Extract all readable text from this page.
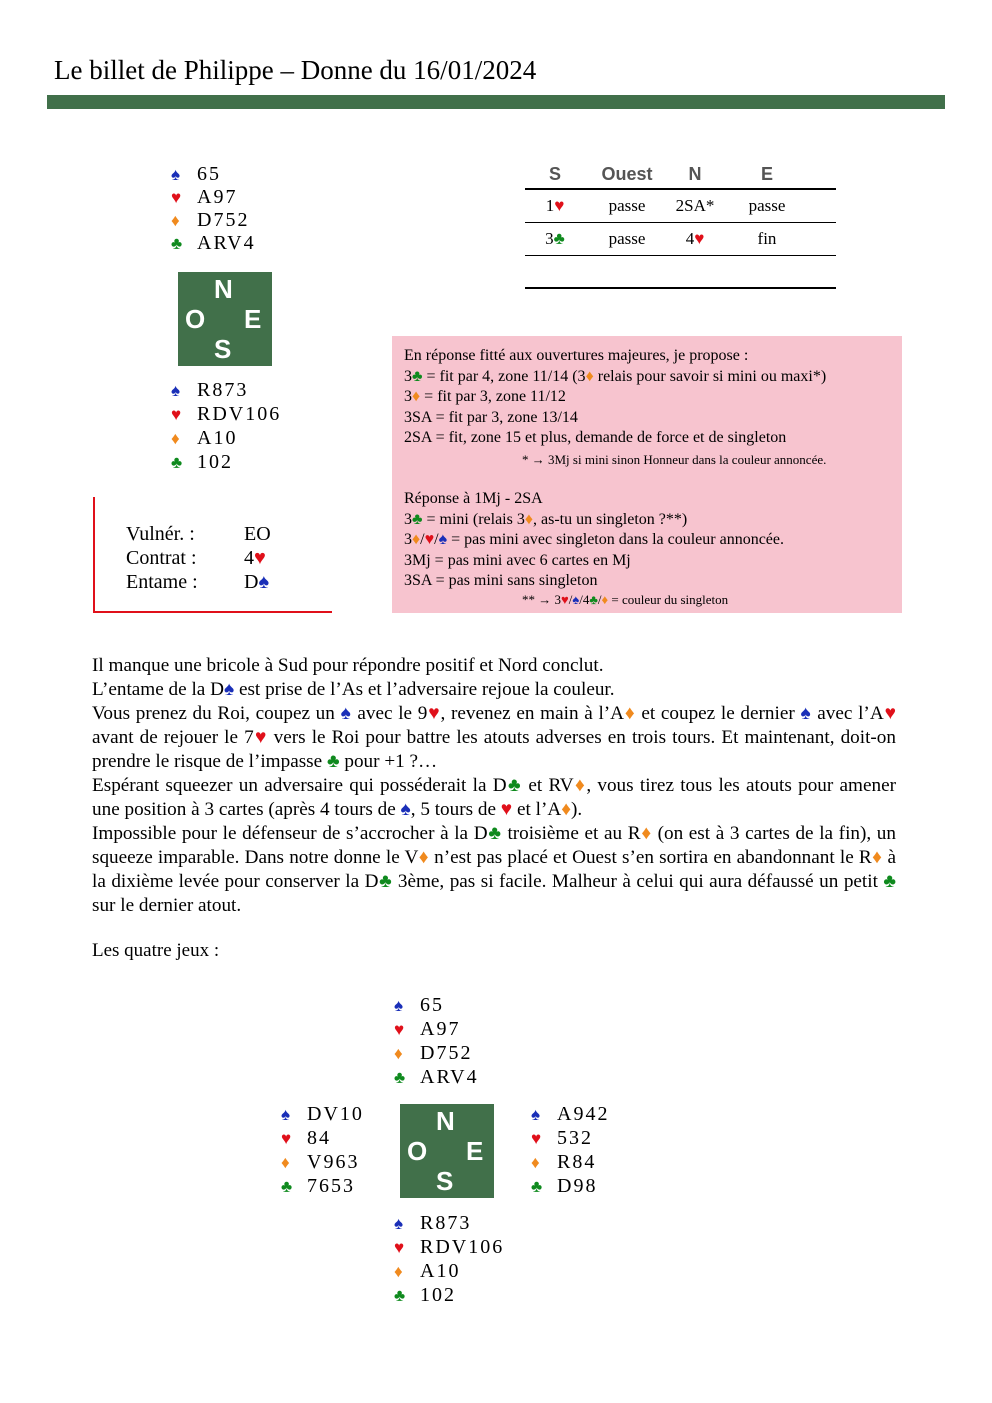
Le billet de Philippe – Donne du 16/01/2024
♠ 65
♥ A97
♦ D752
♣ ARV4
N
O E
S
♠ R873
♥ RDV106
♦ A10
♣ 102
S	Ouest	N	E
1♥	passe	2SA*	passe
3♣	passe	4♥	fin
En réponse fitté aux ouvertures majeures, je propose :
3♣ = fit par 4, zone 11/14 (3♦ relais pour savoir si mini ou maxi*)
3♦ = fit par 3, zone 11/12
3SA = fit par 3, zone 13/14
2SA = fit, zone 15 et plus, demande de force et de singleton
* → 3Mj si mini sinon Honneur dans la couleur annoncée.
Réponse à 1Mj - 2SA
3♣ = mini (relais 3♦, as-tu un singleton ?**)
3♦/♥/♠ = pas mini avec singleton dans la couleur annoncée.
3Mj = pas mini avec 6 cartes en Mj
3SA = pas mini sans singleton
** → 3♥/♠/4♣/♦ = couleur du singleton
Vulnér. : EO
Contrat : 4♥
Entame : D♠

Il manque une bricole à Sud pour répondre positif et Nord conclut.

L’entame de la D♠ est prise de l’As et l’adversaire rejoue la couleur.

Vous prenez du Roi, coupez un ♠ avec le 9♥, revenez en main à l’A♦ et coupez le dernier ♠ avec l’A♥ avant de rejouer le 7♥ vers le Roi pour battre les atouts adverses en trois tours. Et maintenant, doit-on prendre le risque de l’impasse ♣ pour +1 ?…

Espérant squeezer un adversaire qui posséderait la D♣ et RV♦, vous tirez tous les atouts pour amener une position à 3 cartes (après 4 tours de ♠, 5 tours de ♥ et l’A♦).

Impossible pour le défenseur de s’accrocher à la D♣ troisième et au R♦ (on est à 3 cartes de la fin), un squeeze imparable. Dans notre donne le V♦ n’est pas placé et Ouest s’en sortira en abandonnant le R♦ à la dixième levée pour conserver la D♣ 3ème, pas si facile. Malheur à celui qui aura défaussé un petit ♣ sur le dernier atout.

Les quatre jeux :
♠ 65
♥ A97
♦ D752
♣ ARV4
♠ DV10
♥ 84
♦ V963
♣ 7653
N
O E
S
♠ A942
♥ 532
♦ R84
♣ D98
♠ R873
♥ RDV106
♦ A10
♣ 102
